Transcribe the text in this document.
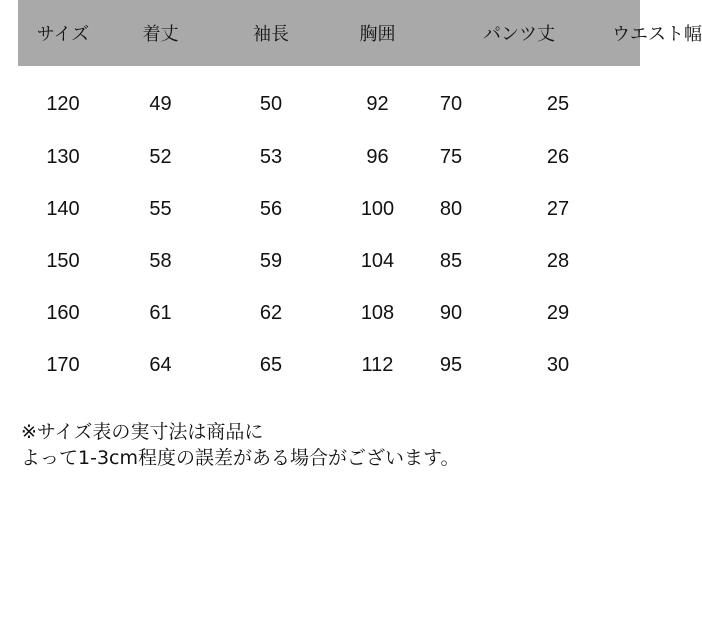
	サイズ	着丈	袖長	胸囲	パンツ丈		ウエスト幅
	120	49	50	92	70	25	
	130	52	53	96	75	26	
	140	55	56	100	80	27	
	150	58	59	104	85	28	
	160	61	62	108	90	29	
	170	64	65	112	95	30	

※サイズ表の実寸法は商品に
よって1-3cm程度の誤差がある場合がございます。
